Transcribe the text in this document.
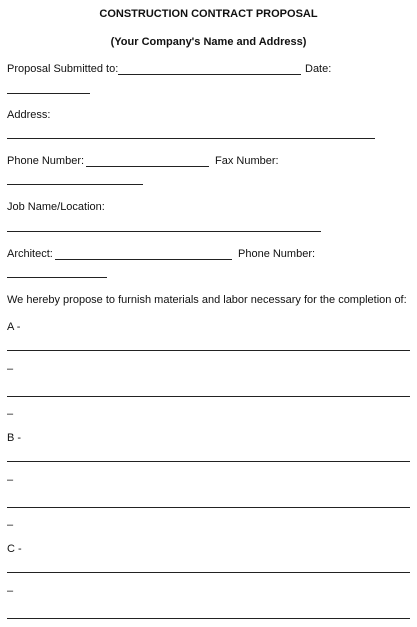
CONSTRUCTION CONTRACT PROPOSAL
(Your Company's Name and Address)
Proposal Submitted to:	Date:
Address:
Phone Number:	Fax Number:
Job Name/Location:
Architect:	Phone Number:
We hereby propose to furnish materials and labor necessary for the completion of:
A -
–
–
B -
–
–
C -
–
